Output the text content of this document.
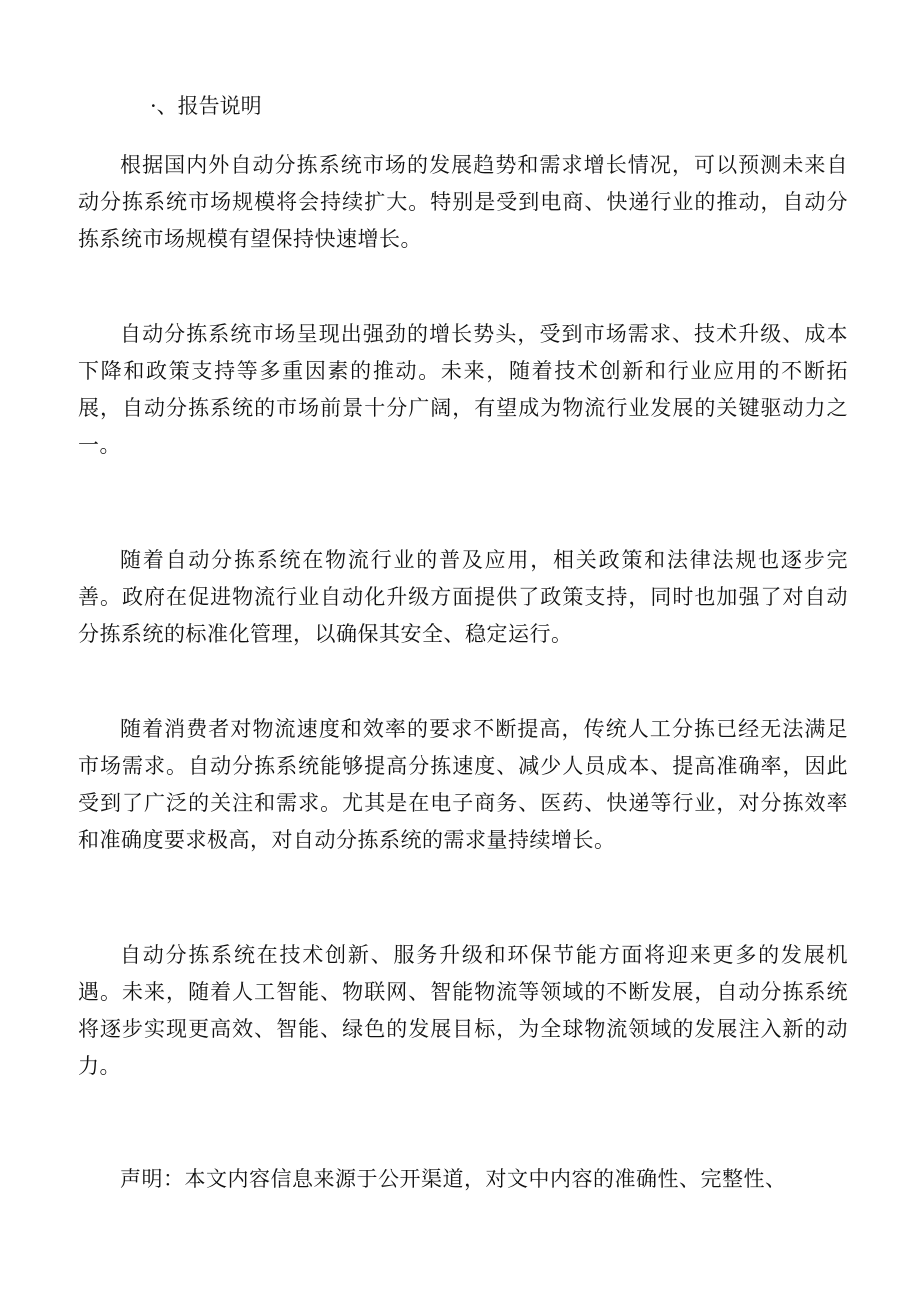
·、报告说明

根据国内外自动分拣系统市场的发展趋势和需求增长情况，可以预测未来自动分拣系统市场规模将会持续扩大。特别是受到电商、快递行业的推动，自动分拣系统市场规模有望保持快速增长。

自动分拣系统市场呈现出强劲的增长势头，受到市场需求、技术升级、成本下降和政策支持等多重因素的推动。未来，随着技术创新和行业应用的不断拓展，自动分拣系统的市场前景十分广阔，有望成为物流行业发展的关键驱动力之一。

随着自动分拣系统在物流行业的普及应用，相关政策和法律法规也逐步完善。政府在促进物流行业自动化升级方面提供了政策支持，同时也加强了对自动分拣系统的标准化管理，以确保其安全、稳定运行。

随着消费者对物流速度和效率的要求不断提高，传统人工分拣已经无法满足市场需求。自动分拣系统能够提高分拣速度、减少人员成本、提高准确率，因此受到了广泛的关注和需求。尤其是在电子商务、医药、快递等行业，对分拣效率和准确度要求极高，对自动分拣系统的需求量持续增长。

自动分拣系统在技术创新、服务升级和环保节能方面将迎来更多的发展机遇。未来，随着人工智能、物联网、智能物流等领域的不断发展，自动分拣系统将逐步实现更高效、智能、绿色的发展目标，为全球物流领域的发展注入新的动力。

声明：本文内容信息来源于公开渠道，对文中内容的准确性、完整性、
